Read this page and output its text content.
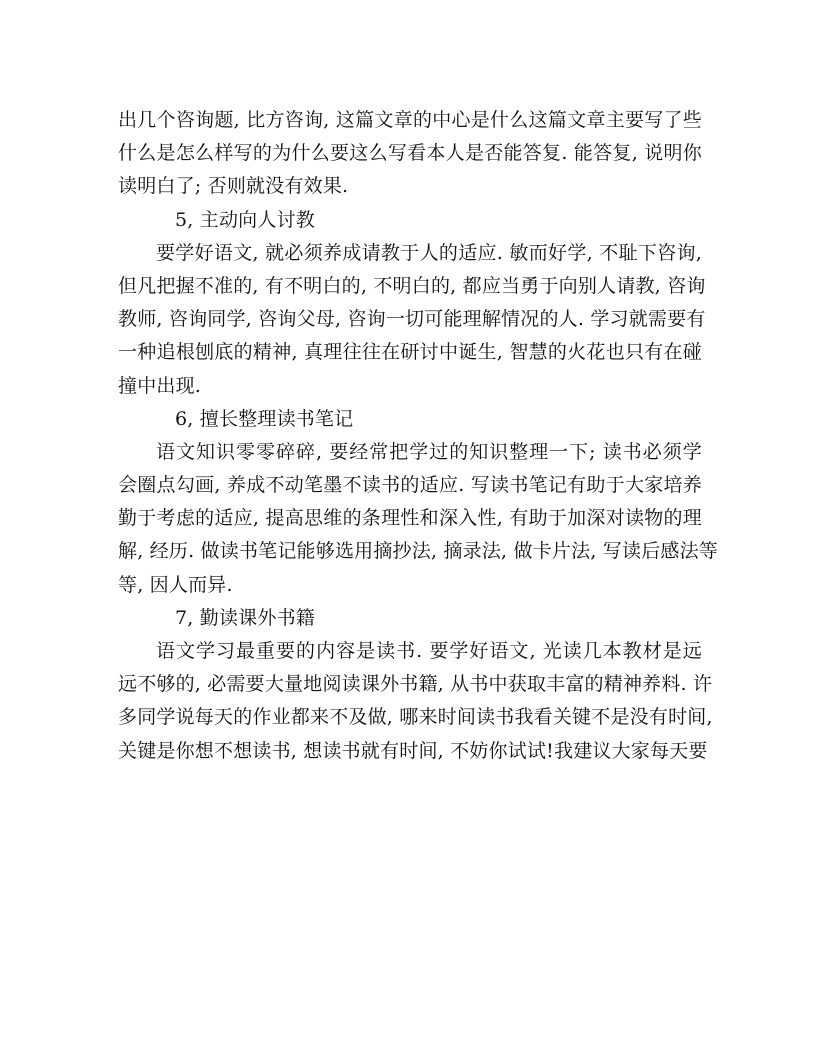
出几个咨询题, 比方咨询, 这篇文章的中心是什么这篇文章主要写了些
什么是怎么样写的为什么要这么写看本人是否能答复. 能答复, 说明你
读明白了; 否则就没有效果.
5, 主动向人讨教
要学好语文, 就必须养成请教于人的适应. 敏而好学, 不耻下咨询,
但凡把握不准的, 有不明白的, 不明白的, 都应当勇于向别人请教, 咨询
教师, 咨询同学, 咨询父母, 咨询一切可能理解情况的人. 学习就需要有
一种追根刨底的精神, 真理往往在研讨中诞生, 智慧的火花也只有在碰
撞中出现.
6, 擅长整理读书笔记
语文知识零零碎碎, 要经常把学过的知识整理一下; 读书必须学
会圈点勾画, 养成不动笔墨不读书的适应. 写读书笔记有助于大家培养
勤于考虑的适应, 提高思维的条理性和深入性, 有助于加深对读物的理
解, 经历. 做读书笔记能够选用摘抄法, 摘录法, 做卡片法, 写读后感法等
等, 因人而异.
7, 勤读课外书籍
语文学习最重要的内容是读书. 要学好语文, 光读几本教材是远
远不够的, 必需要大量地阅读课外书籍, 从书中获取丰富的精神养料. 许
多同学说每天的作业都来不及做, 哪来时间读书我看关键不是没有时间,
关键是你想不想读书, 想读书就有时间, 不妨你试试!我建议大家每天要
